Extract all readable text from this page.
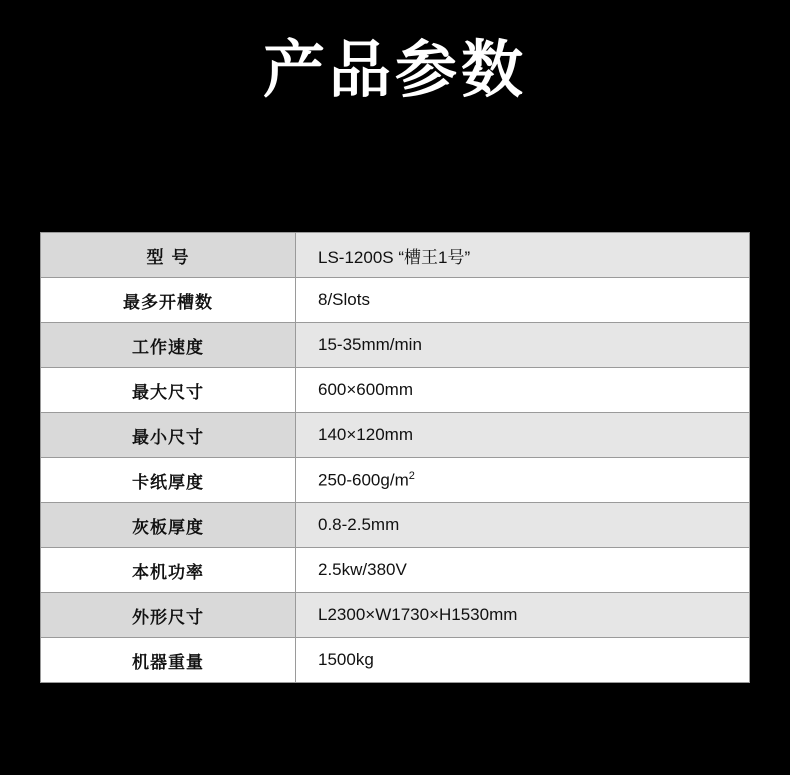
产品参数
型 号	LS-1200S “槽王1号”
最多开槽数	8/Slots
工作速度	15-35mm/min
最大尺寸	600×600mm
最小尺寸	140×120mm
卡纸厚度	$250-600g/m^2$
灰板厚度	0.8-2.5mm
本机功率	2.5kw/380V
外形尺寸	L2300×W1730×H1530mm
机器重量	1500kg
